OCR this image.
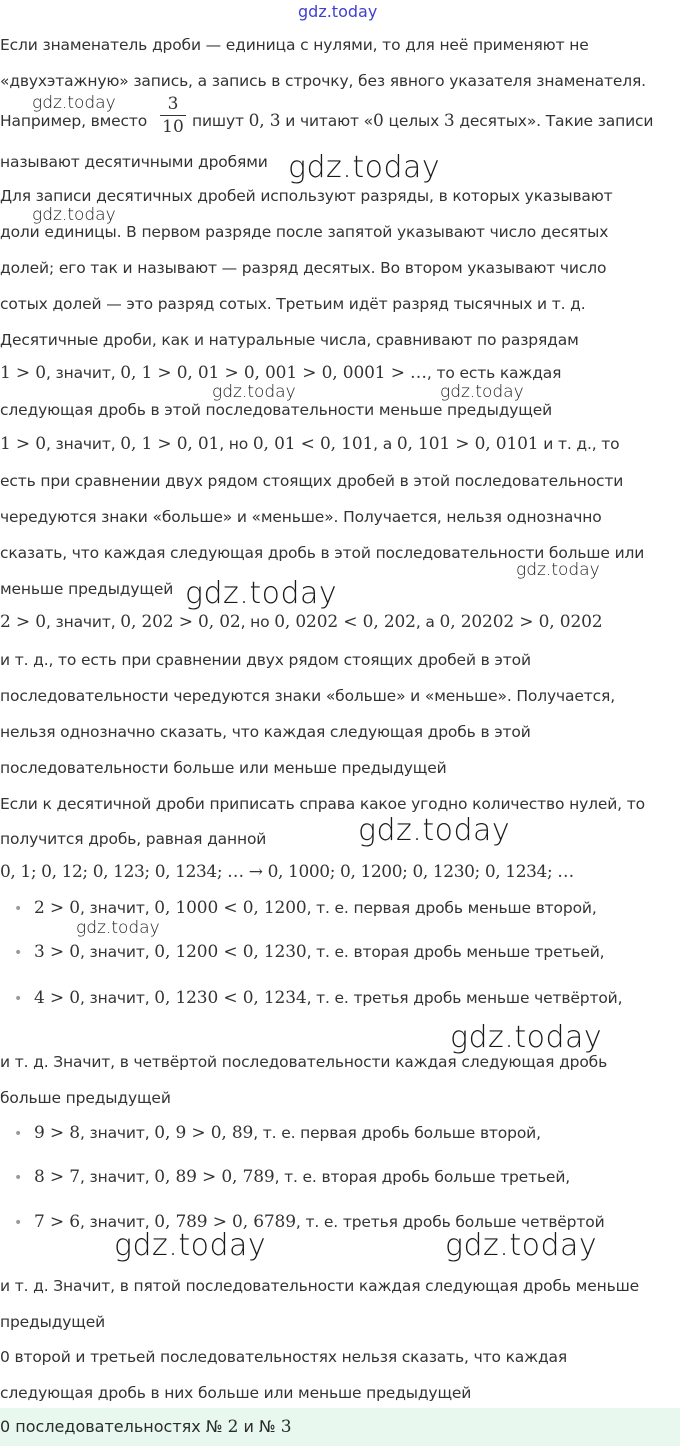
gdz.today
Если знаменатель дроби — единица с нулями, то для неё применяют не
«двухэтажную» запись, а запись в строчку, без явного указателя знаменателя.
gdz.today
Например, вместо
3
10 пишут 0, 3 и читают «0 целых 3 десятых». Такие записи
называют десятичными дробями gdz.today
Для записи десятичных дробей используют разряды, в которых указывают
gdz.today
доли единицы. В первом разряде после запятой указывают число десятых
долей; его так и называют — разряд десятых. Во втором указывают число
сотых долей — это разряд сотых. Третьим идёт разряд тысячных и т. д.
Десятичные дроби, как и натуральные числа, сравнивают по разрядам
1 > 0, значит, 0, 1 > 0, 01 > 0, 001 > 0, 0001 > …, то есть каждая
gdz.today	gdz.today
следующая дробь в этой последовательности меньше предыдущей
1 > 0, значит, 0, 1 > 0, 01, но 0, 01 < 0, 101, а 0, 101 > 0, 0101 и т. д., то
есть при сравнении двух рядом стоящих дробей в этой последовательности
чередуются знаки «больше» и «меньше». Получается, нельзя однозначно
сказать, что каждая следующая дробь в этой последовательности больше или
gdz.today
меньше предыдущей gdz.today
2 > 0, значит, 0, 202 > 0, 02, но 0, 0202 < 0, 202, а 0, 20202 > 0, 0202
и т. д., то есть при сравнении двух рядом стоящих дробей в этой
последовательности чередуются знаки «больше» и «меньше». Получается,
нельзя однозначно сказать, что каждая следующая дробь в этой
последовательности больше или меньше предыдущей
Если к десятичной дроби приписать справа какое угодно количество нулей, то
получится дробь, равная данной	gdz.today
0, 1; 0, 12; 0, 123; 0, 1234; … → 0, 1000; 0, 1200; 0, 1230; 0, 1234; …
• 2 > 0, значит, 0, 1000 < 0, 1200, т. е. первая дробь меньше второй,
gdz.today
• 3 > 0, значит, 0, 1200 < 0, 1230, т. е. вторая дробь меньше третьей,
• 4 > 0, значит, 0, 1230 < 0, 1234, т. е. третья дробь меньше четвёртой,
gdz.today
и т. д. Значит, в четвёртой последовательности каждая следующая дробь
больше предыдущей
• 9 > 8, значит, 0, 9 > 0, 89, т. е. первая дробь больше второй,
• 8 > 7, значит, 0, 89 > 0, 789, т. е. вторая дробь больше третьей,
• 7 > 6, значит, 0, 789 > 0, 6789, т. е. третья дробь больше четвёртой
gdz.today	gdz.today
и т. д. Значит, в пятой последовательности каждая следующая дробь меньше
предыдущей
0 второй и третьей последовательностях нельзя сказать, что каждая
следующая дробь в них больше или меньше предыдущей
0 последовательностях № 2 и № 3
